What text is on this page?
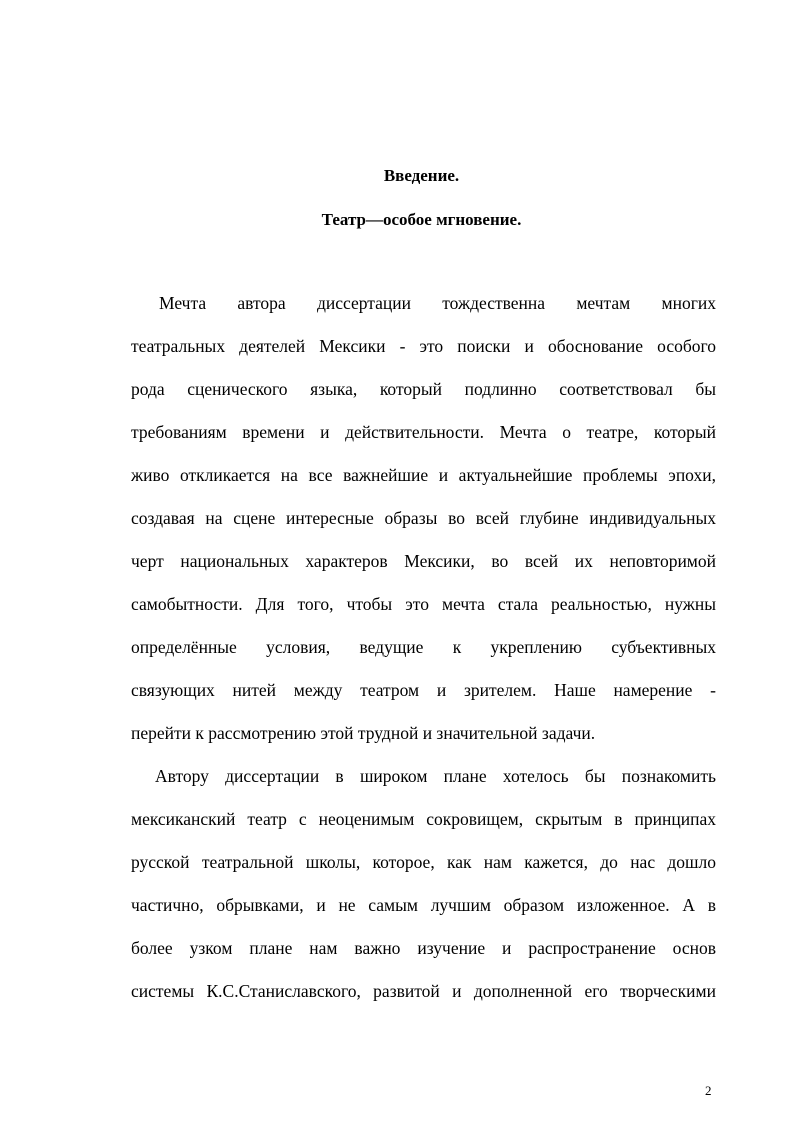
Введение.
Театр—особое мгновение.
Мечта автора диссертации тождественна мечтам многих
театральных деятелей Мексики - это поиски и обоснование особого
рода сценического языка, который подлинно соответствовал бы
требованиям времени и действительности. Мечта о театре, который
живо откликается на все важнейшие и актуальнейшие проблемы эпохи,
создавая на сцене интересные образы во всей глубине индивидуальных
черт национальных характеров Мексики, во всей их неповторимой
самобытности. Для того, чтобы это мечта стала реальностью, нужны
определённые условия, ведущие к укреплению субъективных
связующих нитей между театром и зрителем. Наше намерение -
перейти к рассмотрению этой трудной и значительной задачи.
Автору диссертации в широком плане хотелось бы познакомить
мексиканский театр с неоценимым сокровищем, скрытым в принципах
русской театральной школы, которое, как нам кажется, до нас дошло
частично, обрывками, и не самым лучшим образом изложенное. А в
более узком плане нам важно изучение и распространение основ
системы К.С.Станиславского, развитой и дополненной его творческими
2
